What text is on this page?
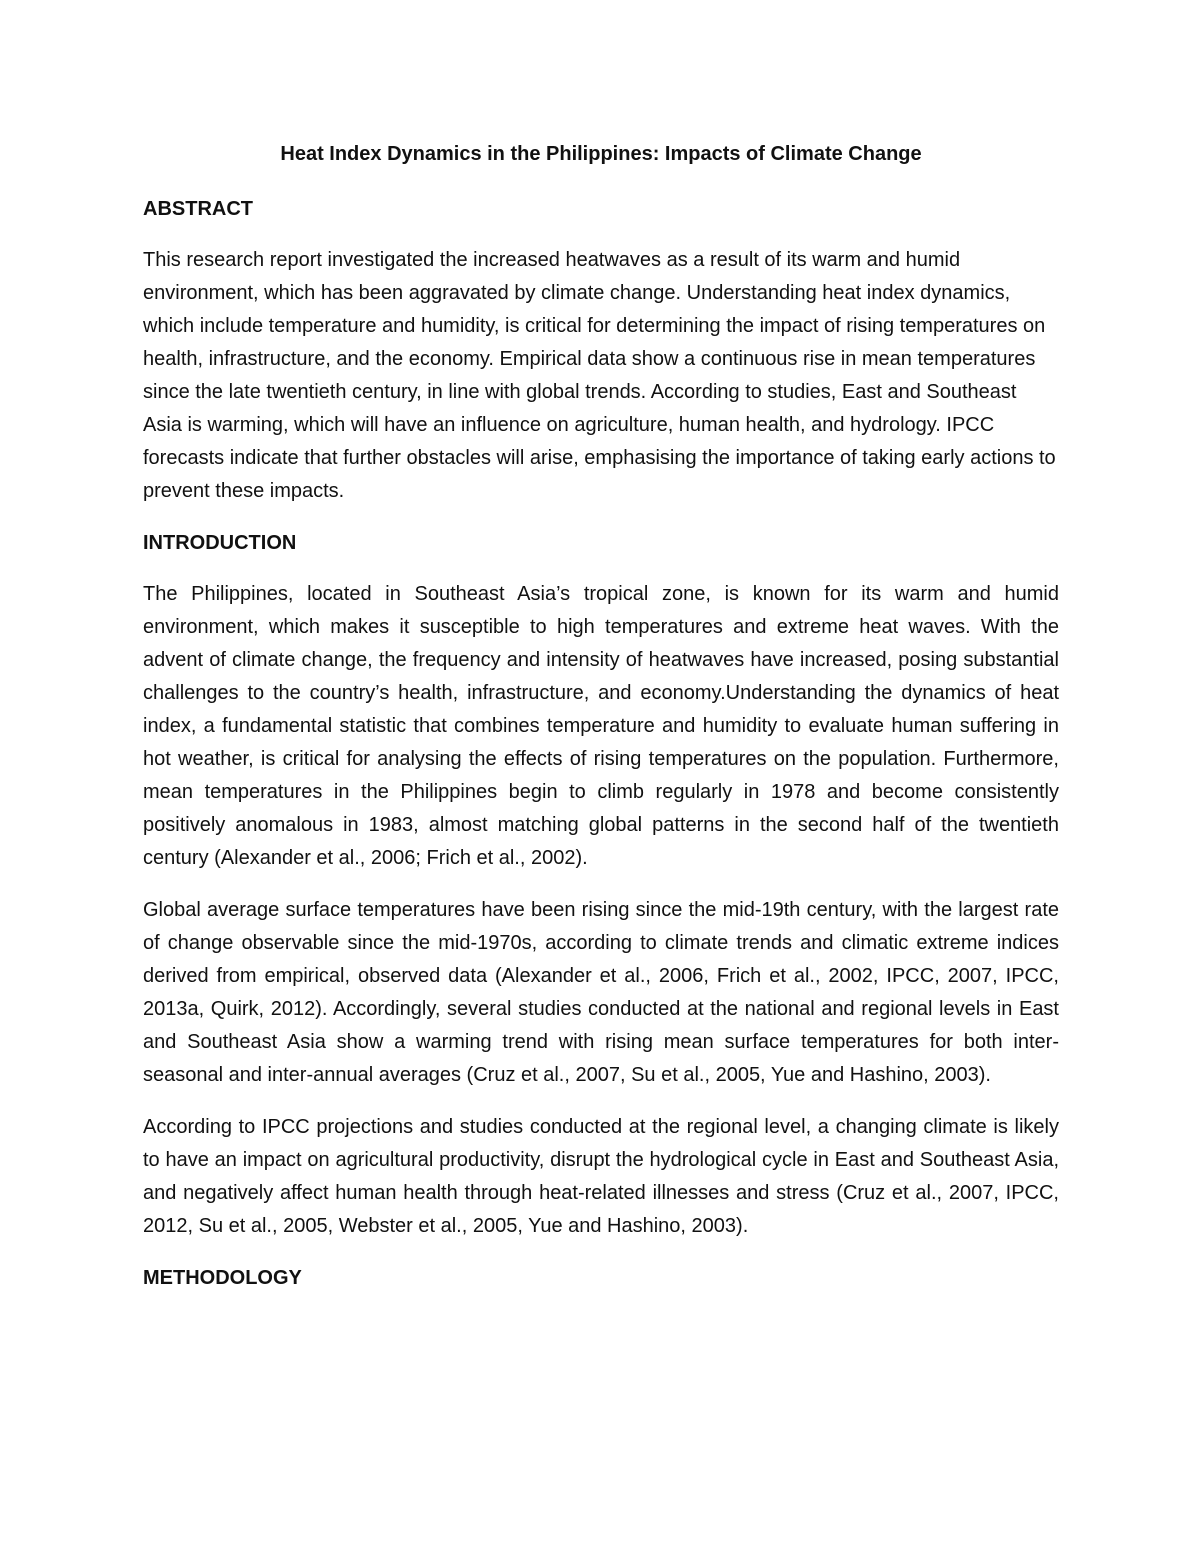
Heat Index Dynamics in the Philippines: Impacts of Climate Change
ABSTRACT

This research report investigated the increased heatwaves as a result of its warm and humid environment, which has been aggravated by climate change. Understanding heat index dynamics, which include temperature and humidity, is critical for determining the impact of rising temperatures on health, infrastructure, and the economy. Empirical data show a continuous rise in mean temperatures since the late twentieth century, in line with global trends. According to studies, East and Southeast Asia is warming, which will have an influence on agriculture, human health, and hydrology. IPCC forecasts indicate that further obstacles will arise, emphasising the importance of taking early actions to prevent these impacts.

INTRODUCTION

The Philippines, located in Southeast Asia’s tropical zone, is known for its warm and humid environment, which makes it susceptible to high temperatures and extreme heat waves. With the advent of climate change, the frequency and intensity of heatwaves have increased, posing substantial challenges to the country’s health, infrastructure, and economy.Understanding the dynamics of heat index, a fundamental statistic that combines temperature and humidity to evaluate human suffering in hot weather, is critical for analysing the effects of rising temperatures on the population. Furthermore, mean temperatures in the Philippines begin to climb regularly in 1978 and become consistently positively anomalous in 1983, almost matching global patterns in the second half of the twentieth century (Alexander et al., 2006; Frich et al., 2002).

Global average surface temperatures have been rising since the mid-19th century, with the largest rate of change observable since the mid-1970s, according to climate trends and climatic extreme indices derived from empirical, observed data (Alexander et al., 2006, Frich et al., 2002, IPCC, 2007, IPCC, 2013a, Quirk, 2012). Accordingly, several studies conducted at the national and regional levels in East and Southeast Asia show a warming trend with rising mean surface temperatures for both inter-seasonal and inter-annual averages (Cruz et al., 2007, Su et al., 2005, Yue and Hashino, 2003).

According to IPCC projections and studies conducted at the regional level, a changing climate is likely to have an impact on agricultural productivity, disrupt the hydrological cycle in East and Southeast Asia, and negatively affect human health through heat-related illnesses and stress (Cruz et al., 2007, IPCC, 2012, Su et al., 2005, Webster et al., 2005, Yue and Hashino, 2003).

METHODOLOGY
